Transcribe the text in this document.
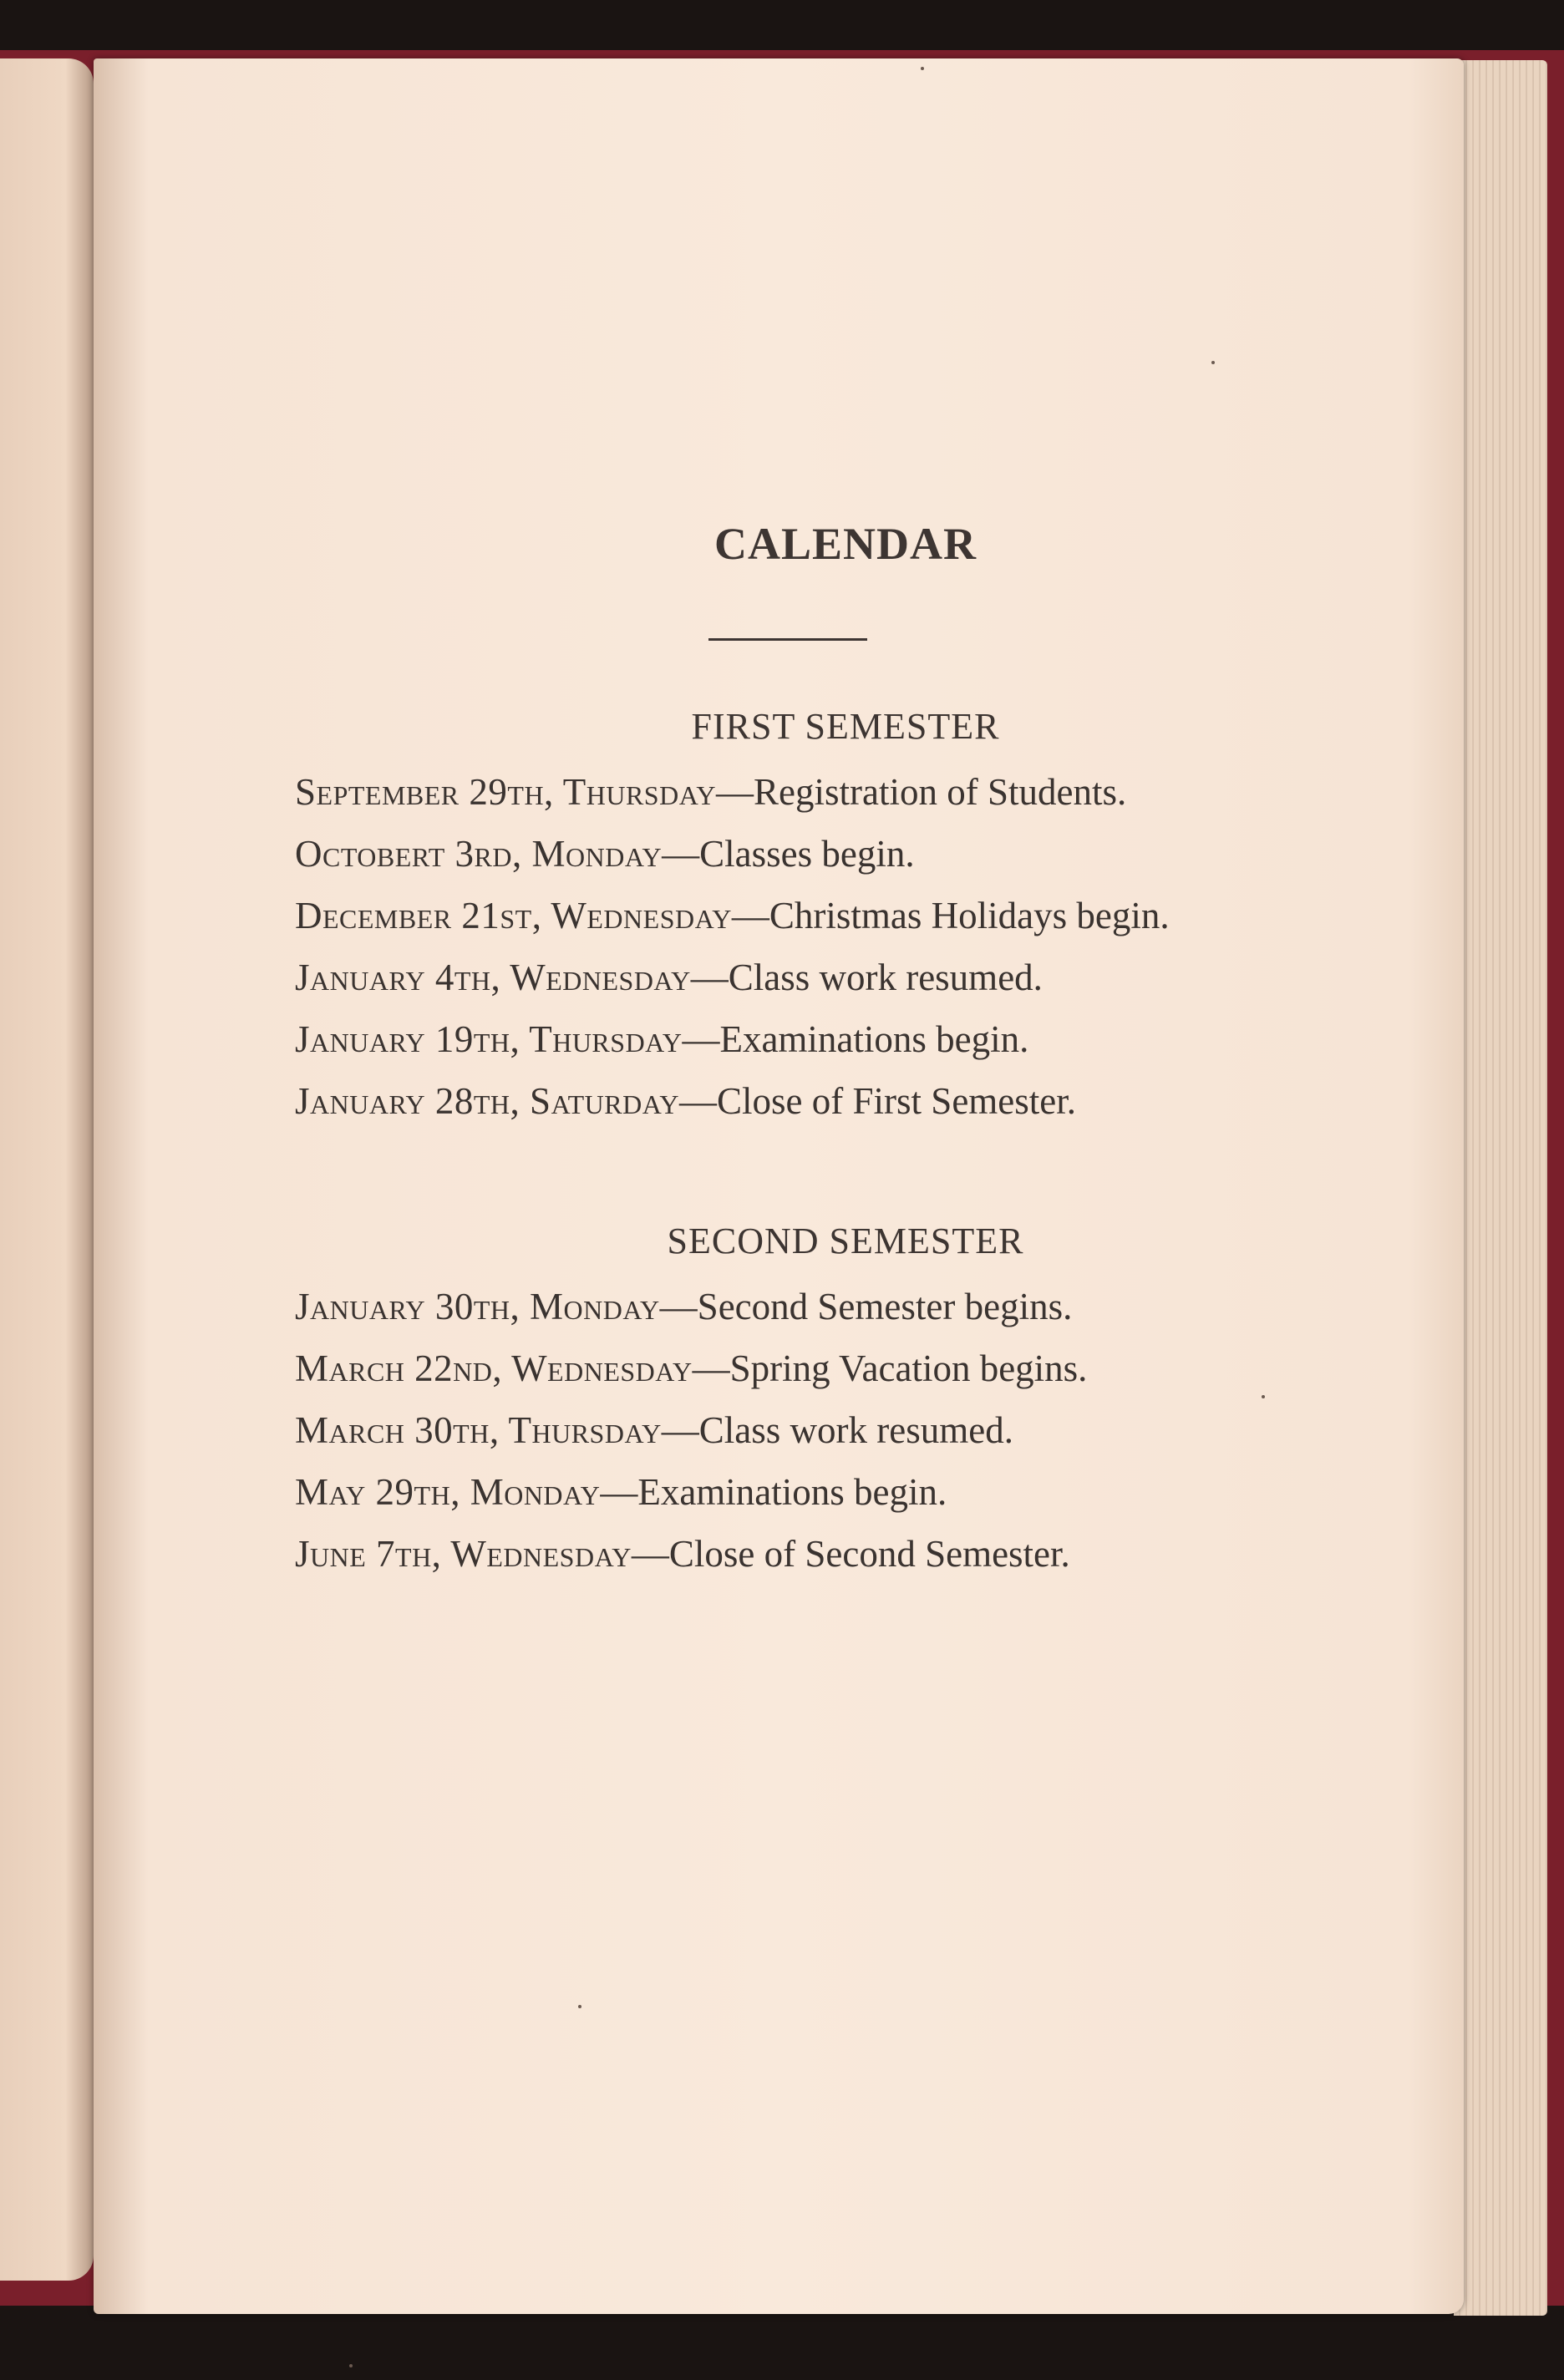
CALENDAR
FIRST SEMESTER
September 29th, Thursday—Registration of Students.
Octobert 3rd, Monday—Classes begin.
December 21st, Wednesday—Christmas Holidays begin.
January 4th, Wednesday—Class work resumed.
January 19th, Thursday—Examinations begin.
January 28th, Saturday—Close of First Semester.
SECOND SEMESTER
January 30th, Monday—Second Semester begins.
March 22nd, Wednesday—Spring Vacation begins.
March 30th, Thursday—Class work resumed.
May 29th, Monday—Examinations begin.
June 7th, Wednesday—Close of Second Semester.
